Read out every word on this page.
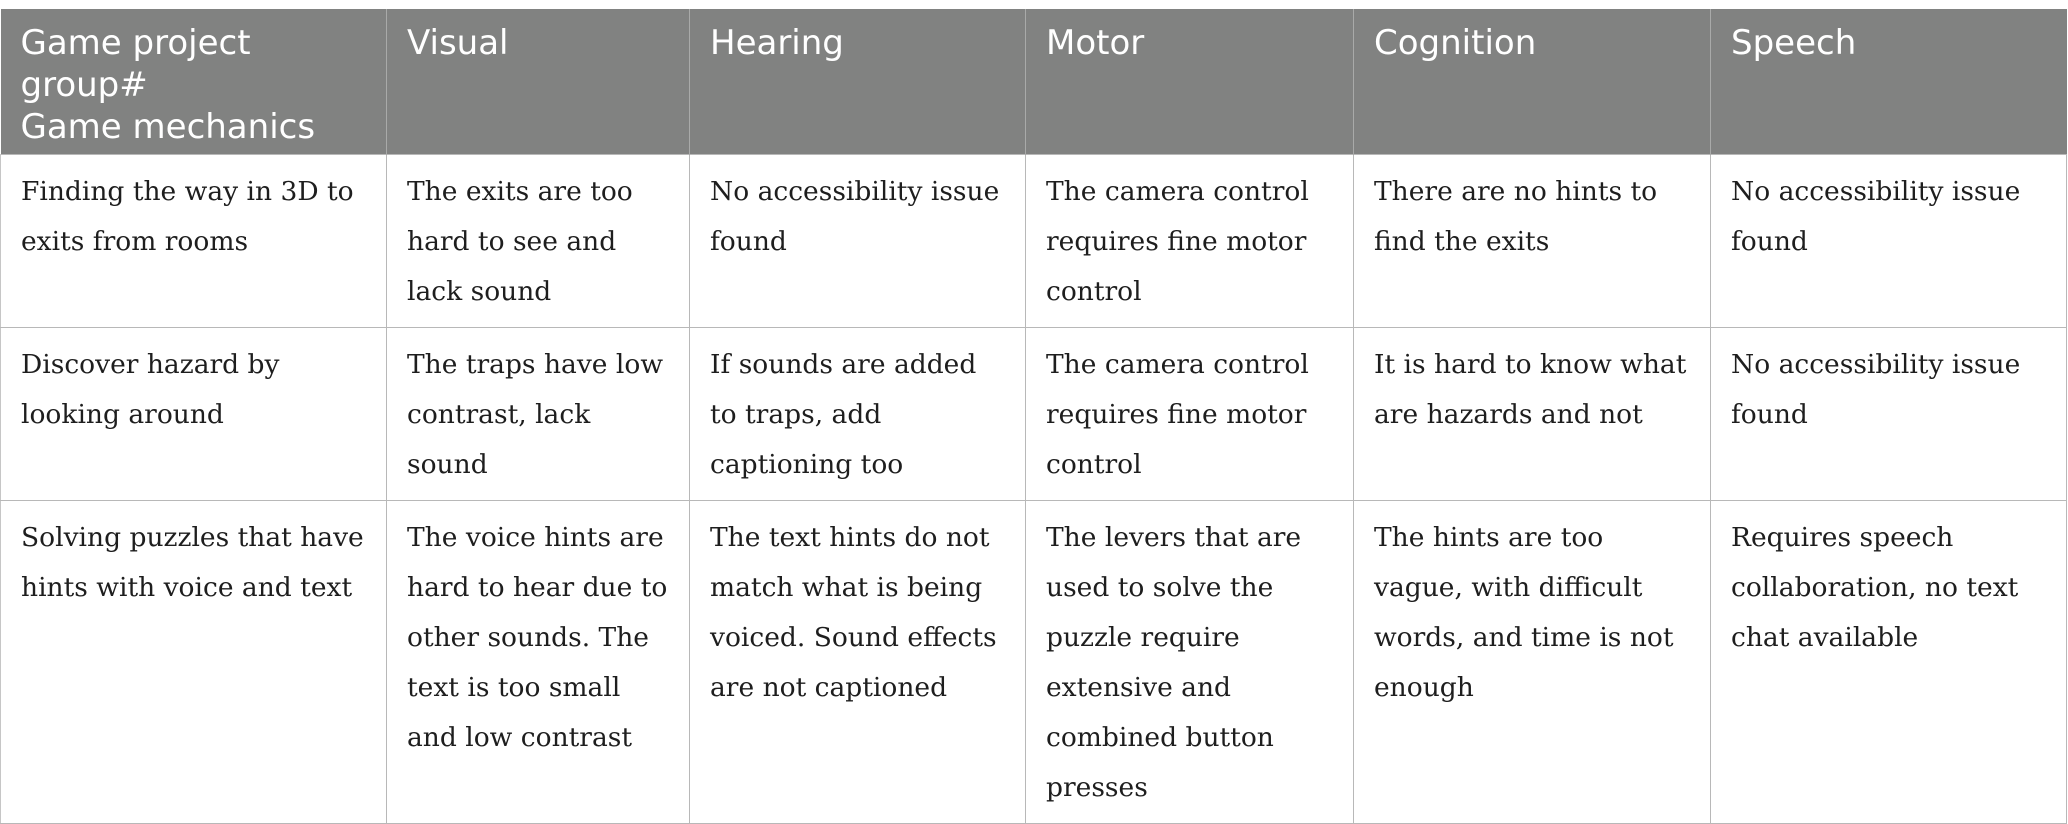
Game project
group#
Game mechanics	Visual	Hearing	Motor	Cognition	Speech
Finding the way in 3D to exits from rooms	The exits are too hard to see and lack sound	No accessibility issue found	The camera control requires fine motor control	There are no hints to find the exits	No accessibility issue found
Discover hazard by looking around	The traps have low contrast, lack sound	If sounds are added to traps, add captioning too	The camera control requires fine motor control	It is hard to know what are hazards and not	No accessibility issue found
Solving puzzles that have hints with voice and text	The voice hints are hard to hear due to other sounds. The text is too small and low contrast	The text hints do not match what is being voiced. Sound effects are not captioned	The levers that are used to solve the puzzle require extensive and combined button presses	The hints are too vague, with difficult words, and time is not enough	Requires speech collaboration, no text chat available
